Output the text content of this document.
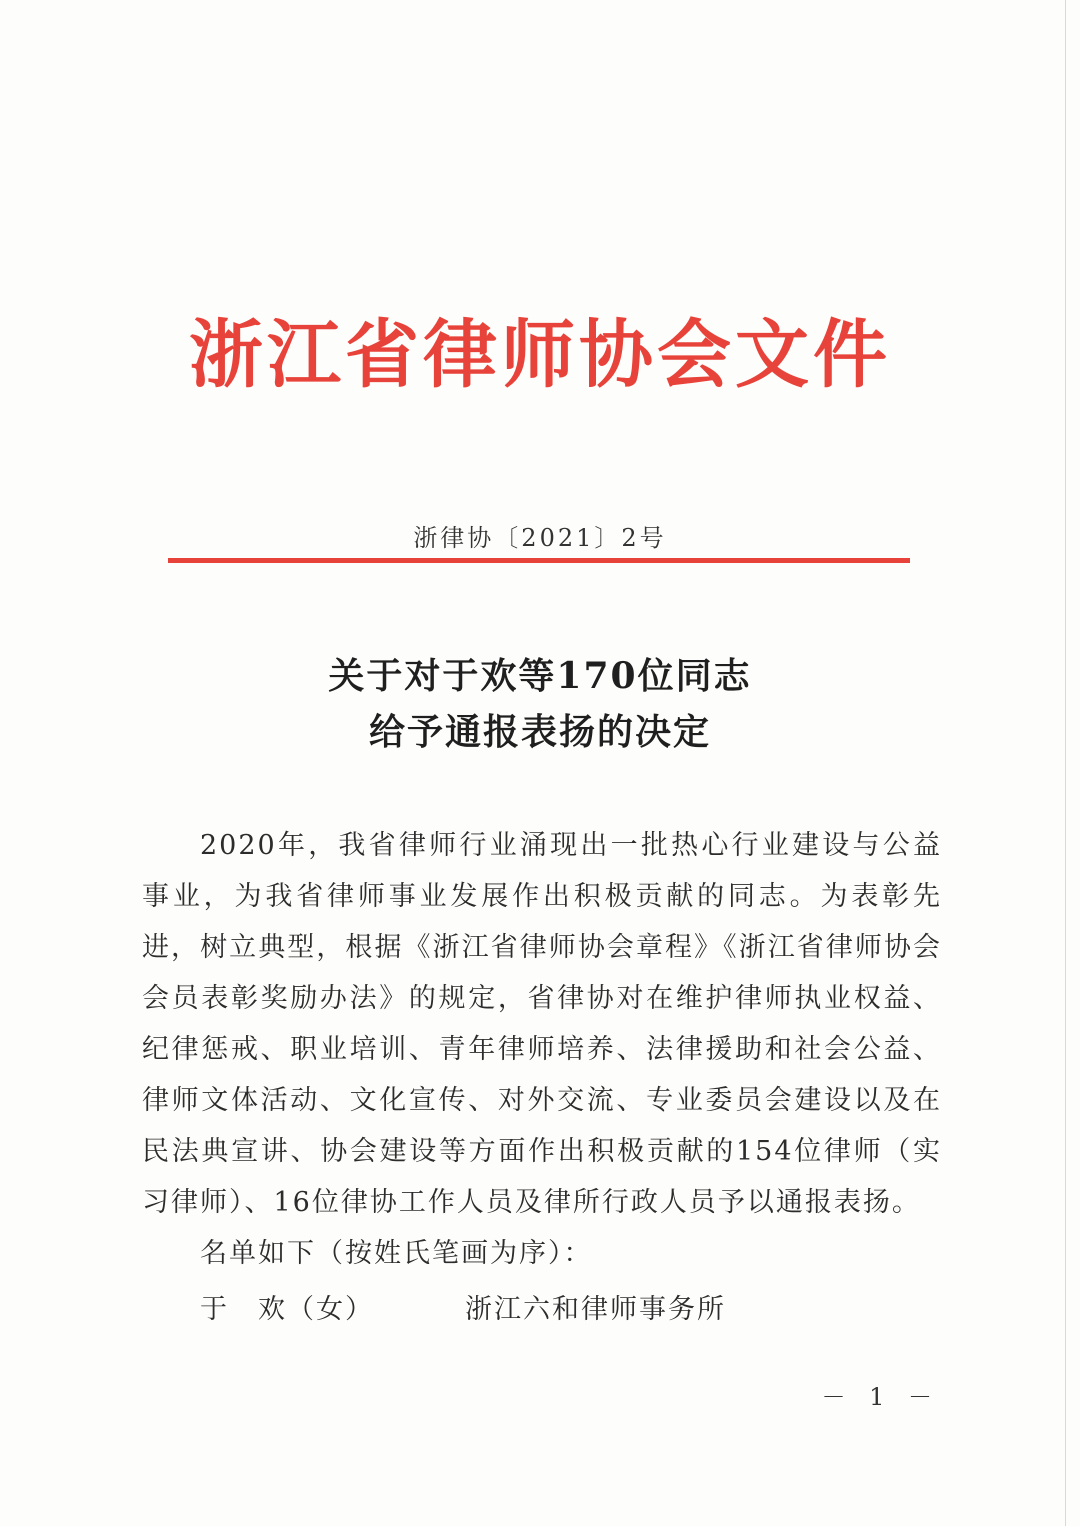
浙江省律师协会文件
浙律协〔2021〕2号
关于对于欢等170位同志
给予通报表扬的决定

2020年，我省律师行业涌现出一批热心行业建设与公益事业，为我省律师事业发展作出积极贡献的同志。为表彰先进，树立典型，根据《浙江省律师协会章程》《浙江省律师协会会员表彰奖励办法》的规定，省律协对在维护律师执业权益、纪律惩戒、职业培训、青年律师培养、法律援助和社会公益、律师文体活动、文化宣传、对外交流、专业委员会建设以及在民法典宣讲、协会建设等方面作出积极贡献的154位律师（实习律师）、16位律协工作人员及律所行政人员予以通报表扬。

名单如下（按姓氏笔画为序）：

于　欢（女）	浙江六和律师事务所
－ 1 －
